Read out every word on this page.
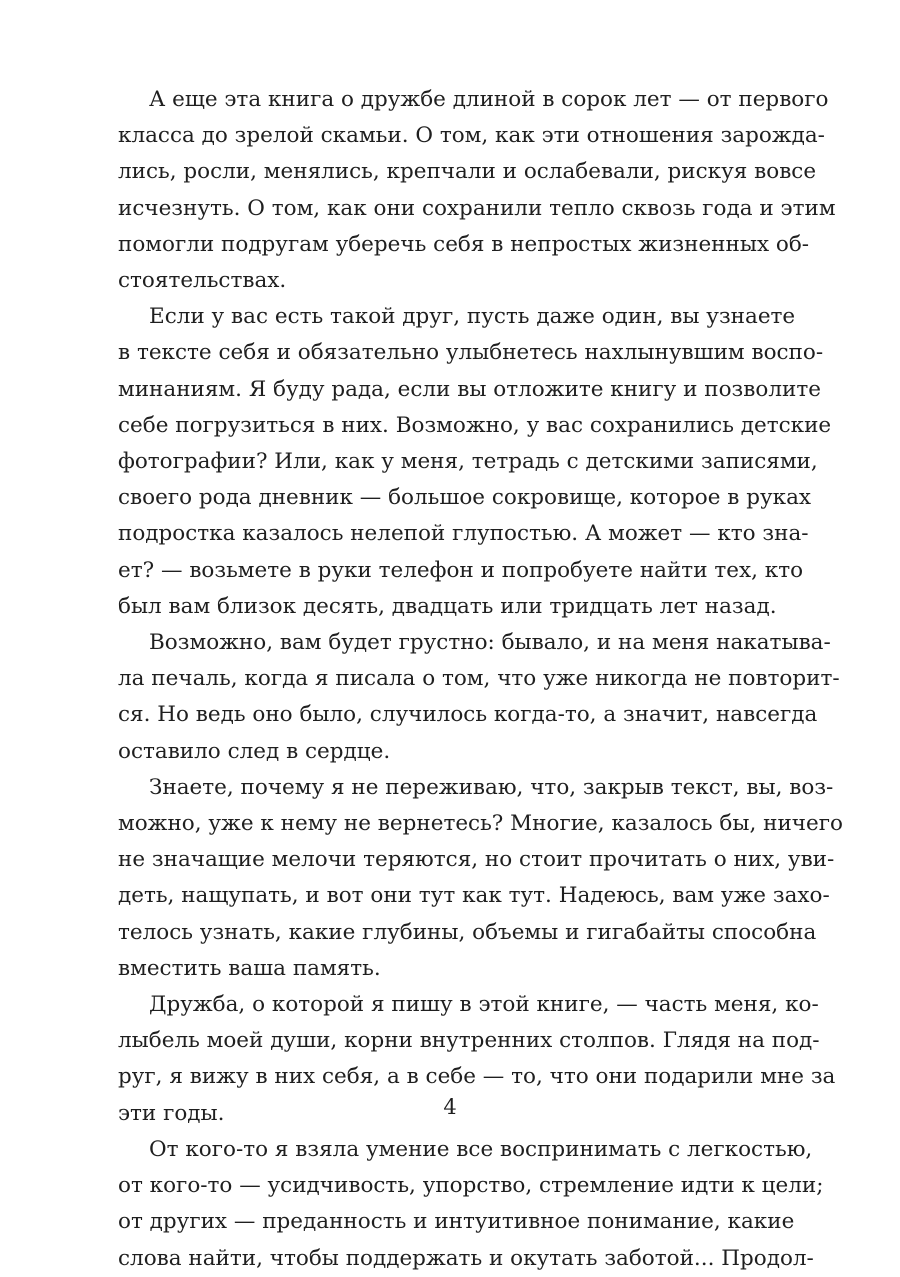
А еще эта книга о дружбе длиной в сорок лет — от первого
класса до зрелой скамьи. О том, как эти отношения зарожда-
лись, росли, менялись, крепчали и ослабевали, рискуя вовсе
исчезнуть. О том, как они сохранили тепло сквозь года и этим
помогли подругам уберечь себя в непростых жизненных об-
стоятельствах.

Если у вас есть такой друг, пусть даже один, вы узнаете
в тексте себя и обязательно улыбнетесь нахлынувшим воспо-
минаниям. Я буду рада, если вы отложите книгу и позволите
себе погрузиться в них. Возможно, у вас сохранились детские
фотографии? Или, как у меня, тетрадь с детскими записями,
своего рода дневник — большое сокровище, которое в руках
подростка казалось нелепой глупостью. А может — кто зна-
ет? — возьмете в руки телефон и попробуете найти тех, кто
был вам близок десять, двадцать или тридцать лет назад.

Возможно, вам будет грустно: бывало, и на меня накатыва-
ла печаль, когда я писала о том, что уже никогда не повторит-
ся. Но ведь оно было, случилось когда-то, а значит, навсегда
оставило след в сердце.

Знаете, почему я не переживаю, что, закрыв текст, вы, воз-
можно, уже к нему не вернетесь? Многие, казалось бы, ничего
не значащие мелочи теряются, но стоит прочитать о них, уви-
деть, нащупать, и вот они тут как тут. Надеюсь, вам уже захо-
телось узнать, какие глубины, объемы и гигабайты способна
вместить ваша память.

Дружба, о которой я пишу в этой книге, — часть меня, ко-
лыбель моей души, корни внутренних столпов. Глядя на под-
руг, я вижу в них себя, а в себе — то, что они подарили мне за
эти годы.

От кого-то я взяла умение все воспринимать с легкостью,
от кого-то — усидчивость, упорство, стремление идти к цели;
от других — преданность и интуитивное понимание, какие
слова найти, чтобы поддержать и окутать заботой... Продол-

4
